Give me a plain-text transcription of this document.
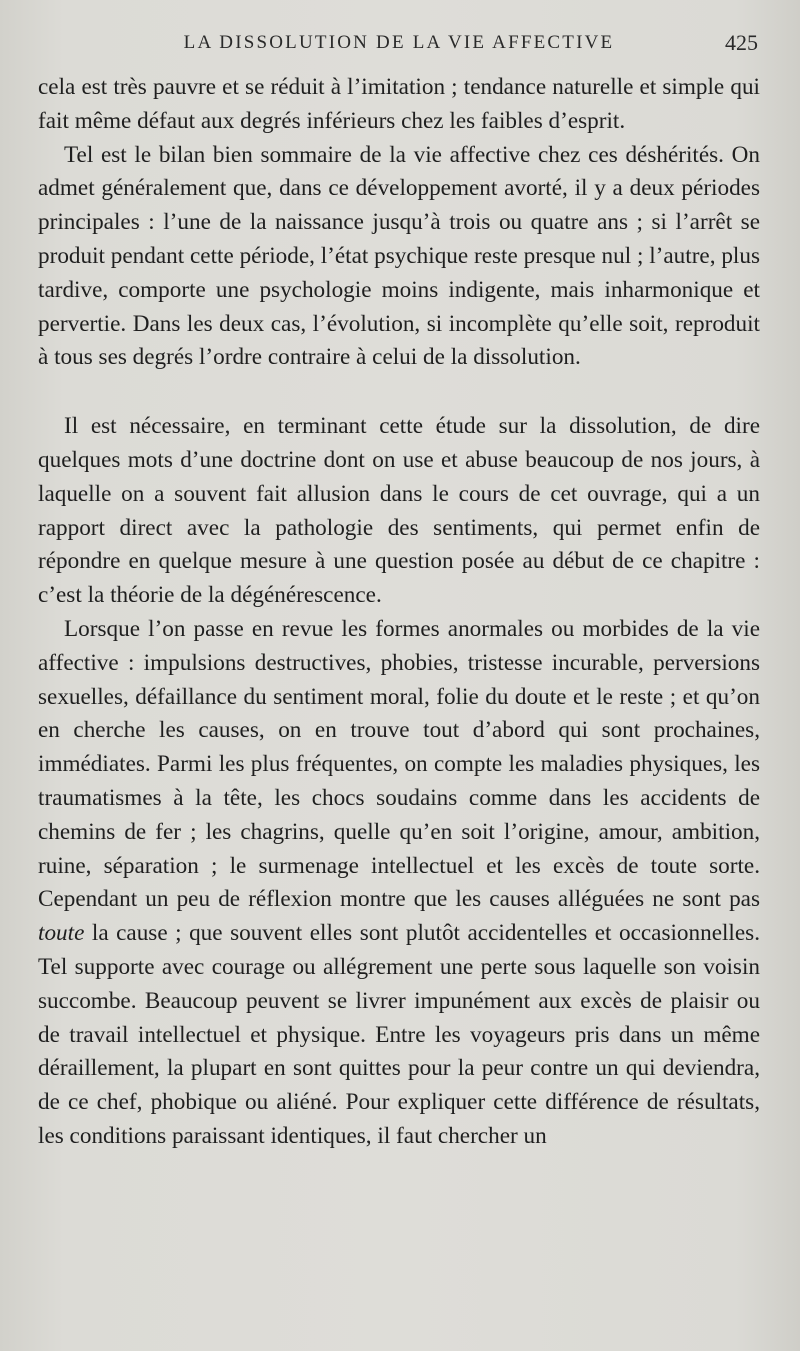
LA DISSOLUTION DE LA VIE AFFECTIVE	425

cela est très pauvre et se réduit à l’imitation ; tendance naturelle et simple qui fait même défaut aux degrés inférieurs chez les faibles d’esprit.

Tel est le bilan bien sommaire de la vie affective chez ces déshérités. On admet généralement que, dans ce développement avorté, il y a deux périodes principales : l’une de la naissance jusqu’à trois ou quatre ans ; si l’arrêt se produit pendant cette période, l’état psychique reste presque nul ; l’autre, plus tardive, comporte une psychologie moins indigente, mais inharmonique et pervertie. Dans les deux cas, l’évolution, si incomplète qu’elle soit, reproduit à tous ses degrés l’ordre contraire à celui de la dissolution.

Il est nécessaire, en terminant cette étude sur la dissolution, de dire quelques mots d’une doctrine dont on use et abuse beaucoup de nos jours, à laquelle on a souvent fait allusion dans le cours de cet ouvrage, qui a un rapport direct avec la pathologie des sentiments, qui permet enfin de répondre en quelque mesure à une question posée au début de ce chapitre : c’est la théorie de la dégénérescence.

Lorsque l’on passe en revue les formes anormales ou morbides de la vie affective : impulsions destructives, phobies, tristesse incurable, perversions sexuelles, défaillance du sentiment moral, folie du doute et le reste ; et qu’on en cherche les causes, on en trouve tout d’abord qui sont prochaines, immédiates. Parmi les plus fréquentes, on compte les maladies physiques, les traumatismes à la tête, les chocs soudains comme dans les accidents de chemins de fer ; les chagrins, quelle qu’en soit l’origine, amour, ambition, ruine, séparation ; le surmenage intellectuel et les excès de toute sorte. Cependant un peu de réflexion montre que les causes alléguées ne sont pas toute la cause ; que souvent elles sont plutôt accidentelles et occasionnelles. Tel supporte avec courage ou allégrement une perte sous laquelle son voisin succombe. Beaucoup peuvent se livrer impunément aux excès de plaisir ou de travail intellectuel et physique. Entre les voyageurs pris dans un même déraillement, la plupart en sont quittes pour la peur contre un qui deviendra, de ce chef, phobique ou aliéné. Pour expliquer cette différence de résultats, les conditions paraissant identiques, il faut chercher un
